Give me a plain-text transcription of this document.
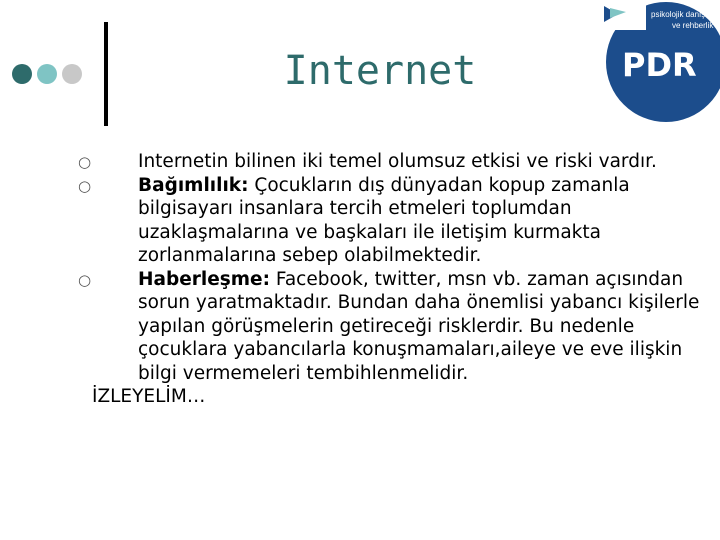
Internet
psikolojik danışma
ve rehberlik
PDR
○	Internetin bilinen iki temel olumsuz etkisi ve riski vardır.
○	Bağımlılık: Çocukların dış dünyadan kopup zamanla bilgisayarı insanlara tercih etmeleri toplumdan uzaklaşmalarına ve başkaları ile iletişim kurmakta zorlanmalarına sebep olabilmektedir.
○	Haberleşme: Facebook, twitter, msn vb. zaman açısından sorun yaratmaktadır. Bundan daha önemlisi yabancı kişilerle yapılan görüşmelerin getireceği risklerdir. Bu nedenle çocuklara yabancılarla konuşmamaları,aileye ve eve ilişkin bilgi vermemeleri tembihlenmelidir.
İZLEYELİM…
